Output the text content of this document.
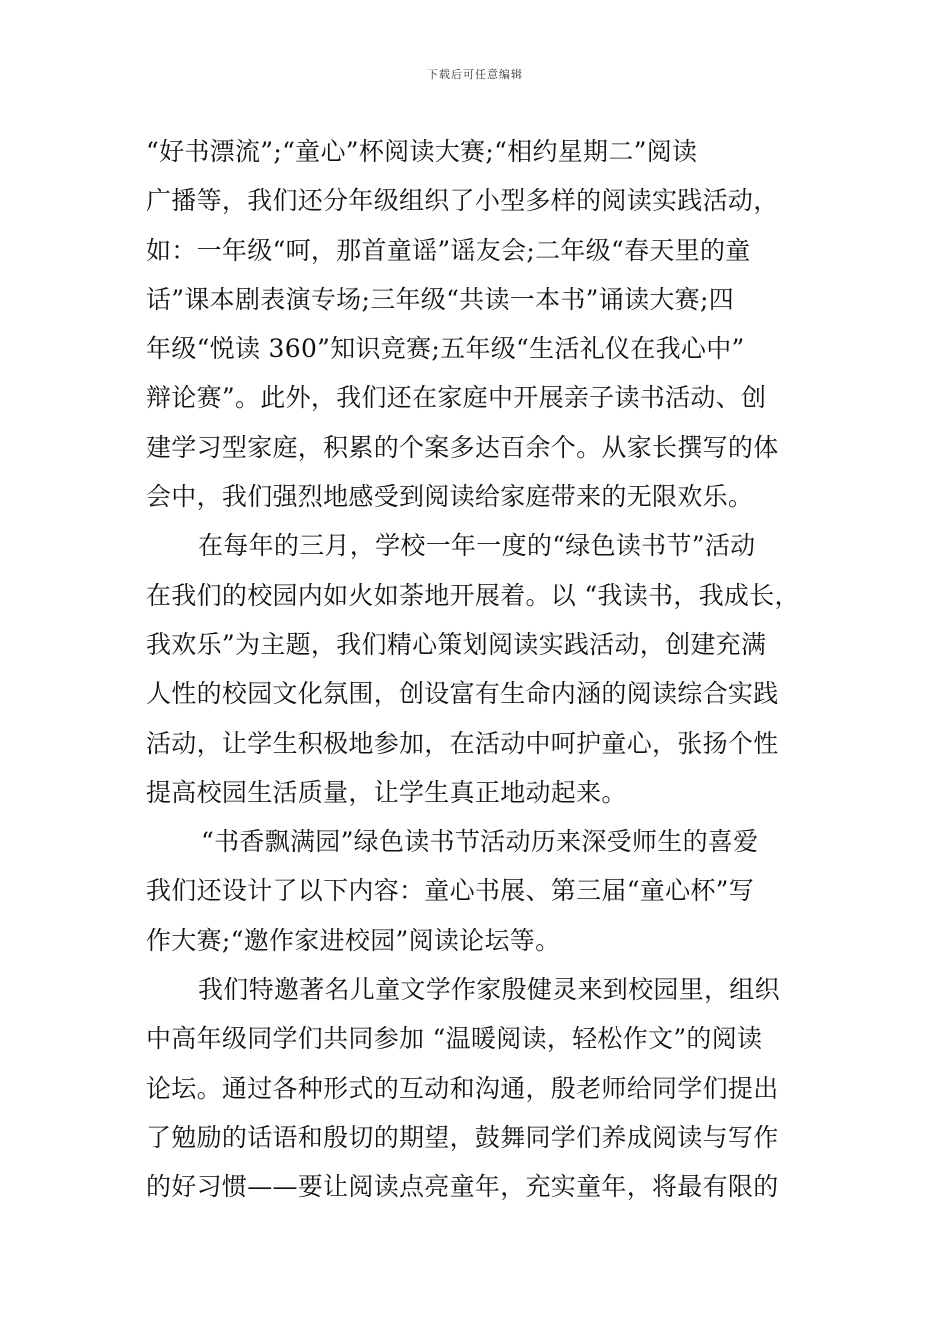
下载后可任意编辑
“好书漂流”;“童心”杯阅读大赛;“相约星期二”阅读
广播等，我们还分年级组织了小型多样的阅读实践活动，
如：一年级“呵，那首童谣”谣友会;二年级“春天里的童
话”课本剧表演专场;三年级“共读一本书”诵读大赛;四
年级“悦读 360”知识竞赛;五年级“生活礼仪在我心中”
辩论赛”。此外，我们还在家庭中开展亲子读书活动、创
建学习型家庭，积累的个案多达百余个。从家长撰写的体
会中，我们强烈地感受到阅读给家庭带来的无限欢乐。
在每年的三月，学校一年一度的“绿色读书节”活动
在我们的校园内如火如荼地开展着。以 “我读书，我成长，
我欢乐”为主题，我们精心策划阅读实践活动，创建充满
人性的校园文化氛围，创设富有生命内涵的阅读综合实践
活动，让学生积极地参加，在活动中呵护童心，张扬个性
提高校园生活质量，让学生真正地动起来。
“书香飘满园”绿色读书节活动历来深受师生的喜爱
我们还设计了以下内容：童心书展、第三届“童心杯”写
作大赛;“邀作家进校园”阅读论坛等。
我们特邀著名儿童文学作家殷健灵来到校园里，组织
中高年级同学们共同参加 “温暖阅读，轻松作文”的阅读
论坛。通过各种形式的互动和沟通，殷老师给同学们提出
了勉励的话语和殷切的期望，鼓舞同学们养成阅读与写作
的好习惯——要让阅读点亮童年，充实童年，将最有限的
